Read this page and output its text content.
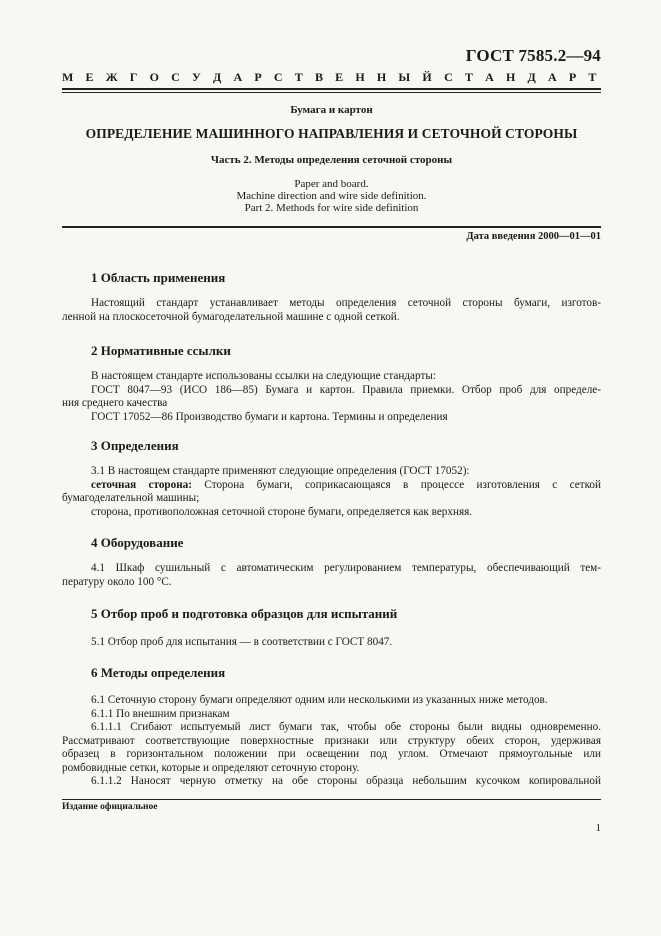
ГОСТ 7585.2—94
М Е Ж Г О С У Д А Р С Т В Е Н Н Ы Й С Т А Н Д А Р Т
Бумага и картон
ОПРЕДЕЛЕНИЕ МАШИННОГО НАПРАВЛЕНИЯ И СЕТОЧНОЙ СТОРОНЫ
Часть 2. Методы определения сеточной стороны
Paper and board.
Machine direction and wire side definition.
Part 2. Methods for wire side definition
Дата введения 2000—01—01
1 Область применения
Настоящий стандарт устанавливает методы определения сеточной стороны бумаги, изготов-
ленной на плоскосеточной бумагоделательной машине с одной сеткой.
2 Нормативные ссылки
В настоящем стандарте использованы ссылки на следующие стандарты:
ГОСТ 8047—93 (ИСО 186—85) Бумага и картон. Правила приемки. Отбор проб для определе-
ния среднего качества
ГОСТ 17052—86 Производство бумаги и картона. Термины и определения
3 Определения
3.1 В настоящем стандарте применяют следующие определения (ГОСТ 17052):
сеточная сторона: Сторона бумаги, соприкасающаяся в процессе изготовления с сеткой
бумагоделательной машины;
сторона, противоположная сеточной стороне бумаги, определяется как верхняя.
4 Оборудование
4.1 Шкаф сушильный с автоматическим регулированием температуры, обеспечивающий тем-
пературу около 100 °С.
5 Отбор проб и подготовка образцов для испытаний
5.1 Отбор проб для испытания — в соответствии с ГОСТ 8047.
6 Методы определения
6.1 Сеточную сторону бумаги определяют одним или несколькими из указанных ниже методов.
6.1.1 По внешним признакам
6.1.1.1 Сгибают испытуемый лист бумаги так, чтобы обе стороны были видны одновременно.
Рассматривают соответствующие поверхностные признаки или структуру обеих сторон, удерживая
образец в горизонтальном положении при освещении под углом. Отмечают прямоугольные или
ромбовидные сетки, которые и определяют сеточную сторону.
6.1.1.2 Наносят черную отметку на обе стороны образца небольшим кусочком копировальной
Издание официальное
1
